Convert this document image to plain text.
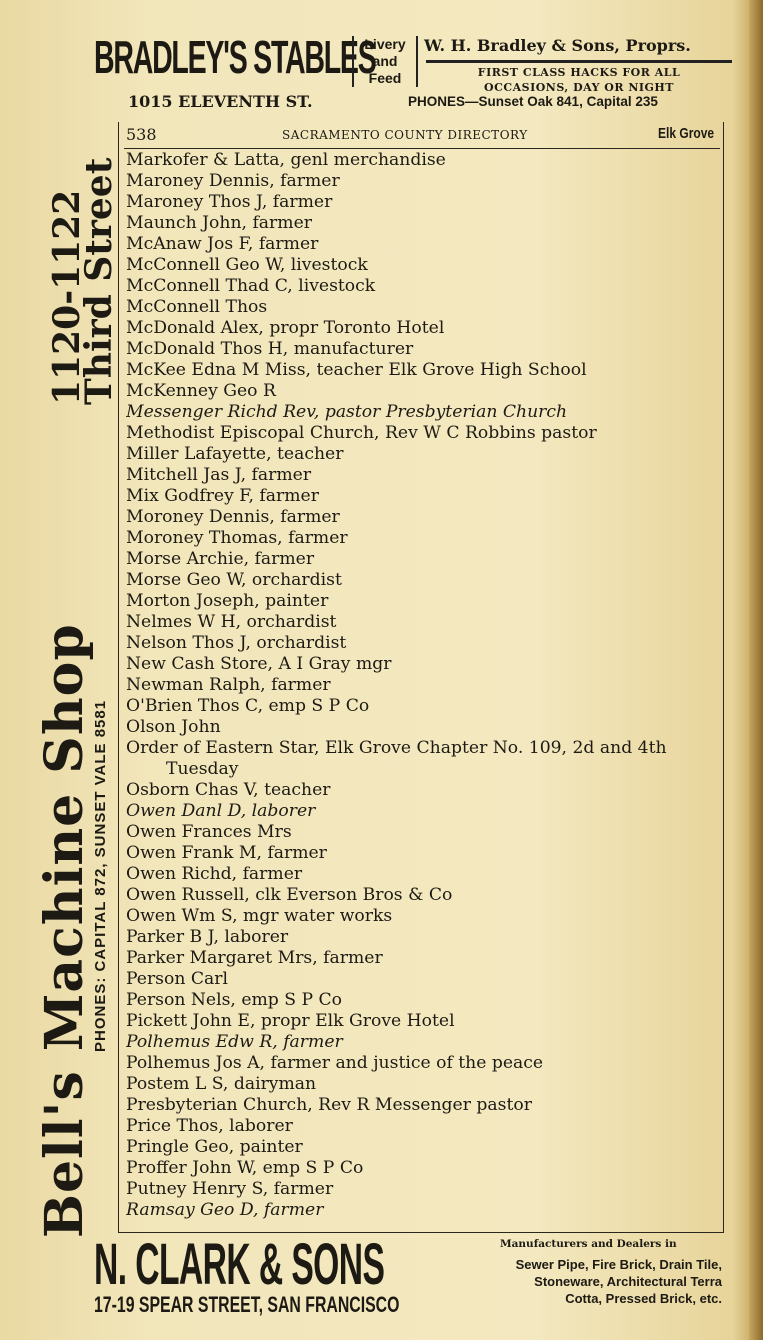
BRADLEY'S STABLES
Livery
and
Feed
W. H. Bradley & Sons, Proprs.
FIRST CLASS HACKS FOR ALL
OCCASIONS, DAY OR NIGHT
1015 ELEVENTH ST.	PHONES—Sunset Oak 841, Capital 235
538	SACRAMENTO COUNTY DIRECTORY	Elk Grove
Markofer & Latta, genl merchandise
Maroney Dennis, farmer
Maroney Thos J, farmer
Maunch John, farmer
McAnaw Jos F, farmer
McConnell Geo W, livestock
McConnell Thad C, livestock
McConnell Thos
McDonald Alex, propr Toronto Hotel
McDonald Thos H, manufacturer
McKee Edna M Miss, teacher Elk Grove High School
McKenney Geo R
Messenger Richd Rev, pastor Presbyterian Church
Methodist Episcopal Church, Rev W C Robbins pastor
Miller Lafayette, teacher
Mitchell Jas J, farmer
Mix Godfrey F, farmer
Moroney Dennis, farmer
Moroney Thomas, farmer
Morse Archie, farmer
Morse Geo W, orchardist
Morton Joseph, painter
Nelmes W H, orchardist
Nelson Thos J, orchardist
New Cash Store, A I Gray mgr
Newman Ralph, farmer
O'Brien Thos C, emp S P Co
Olson John
Order of Eastern Star, Elk Grove Chapter No. 109, 2d and 4th
Tuesday
Osborn Chas V, teacher
Owen Danl D, laborer
Owen Frances Mrs
Owen Frank M, farmer
Owen Richd, farmer
Owen Russell, clk Everson Bros & Co
Owen Wm S, mgr water works
Parker B J, laborer
Parker Margaret Mrs, farmer
Person Carl
Person Nels, emp S P Co
Pickett John E, propr Elk Grove Hotel
Polhemus Edw R, farmer
Polhemus Jos A, farmer and justice of the peace
Postem L S, dairyman
Presbyterian Church, Rev R Messenger pastor
Price Thos, laborer
Pringle Geo, painter
Proffer John W, emp S P Co
Putney Henry S, farmer
Ramsay Geo D, farmer
Bell's Machine Shop
1120-1122
Third Street
PHONES: CAPITAL 872, SUNSET VALE 8581
N. CLARK & SONS
17-19 SPEAR STREET, SAN FRANCISCO
Manufacturers and Dealers in
Sewer Pipe, Fire Brick, Drain Tile,
Stoneware, Architectural Terra
Cotta, Pressed Brick, etc.
